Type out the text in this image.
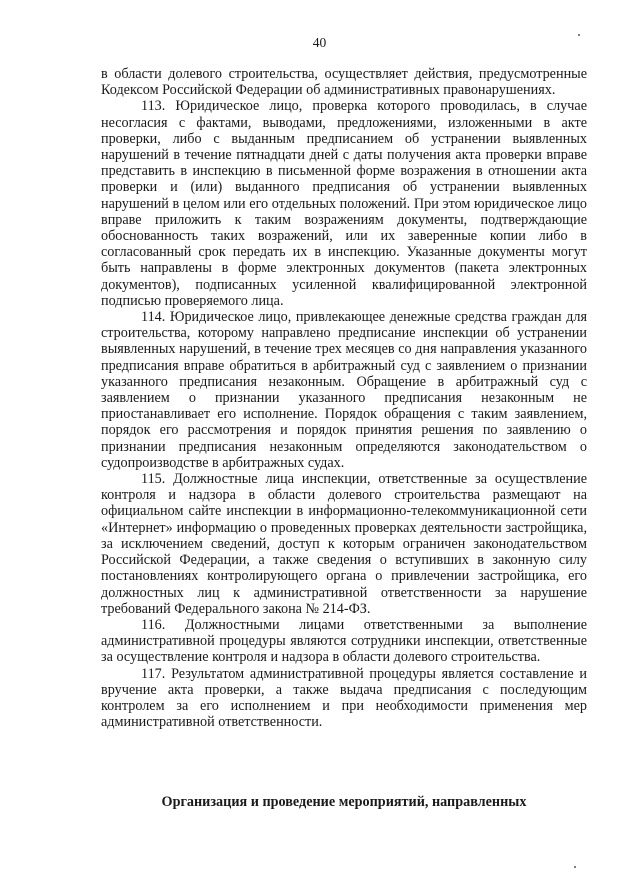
40

в области долевого строительства, осуществляет действия, предусмотренные Кодексом Российской Федерации об административных правонарушениях.

113. Юридическое лицо, проверка которого проводилась, в случае несогласия с фактами, выводами, предложениями, изложенными в акте проверки, либо с выданным предписанием об устранении выявленных нарушений в течение пятнадцати дней с даты получения акта проверки вправе представить в инспекцию в письменной форме возражения в отношении акта проверки и (или) выданного предписания об устранении выявленных нарушений в целом или его отдельных положений. При этом юридическое лицо вправе приложить к таким возражениям документы, подтверждающие обоснованность таких возражений, или их заверенные копии либо в согласованный срок передать их в инспекцию. Указанные документы могут быть направлены в форме электронных документов (пакета электронных документов), подписанных усиленной квалифицированной электронной подписью проверяемого лица.

114. Юридическое лицо, привлекающее денежные средства граждан для строительства, которому направлено предписание инспекции об устранении выявленных нарушений, в течение трех месяцев со дня направления указанного предписания вправе обратиться в арбитражный суд с заявлением о признании указанного предписания незаконным. Обращение в арбитражный суд с заявлением о признании указанного предписания незаконным не приостанавливает его исполнение. Порядок обращения с таким заявлением, порядок его рассмотрения и порядок принятия решения по заявлению о признании предписания незаконным определяются законодательством о судопроизводстве в арбитражных судах.

115. Должностные лица инспекции, ответственные за осуществление контроля и надзора в области долевого строительства размещают на официальном сайте инспекции в информационно-телекоммуникационной сети «Интернет» информацию о проведенных проверках деятельности застройщика, за исключением сведений, доступ к которым ограничен законодательством Российской Федерации, а также сведения о вступивших в законную силу постановлениях контролирующего органа о привлечении застройщика, его должностных лиц к административной ответственности за нарушение требований Федерального закона № 214-ФЗ.

116. Должностными лицами ответственными за выполнение административной процедуры являются сотрудники инспекции, ответственные за осуществление контроля и надзора в области долевого строительства.

117. Результатом административной процедуры является составление и вручение акта проверки, а также выдача предписания с последующим контролем за его исполнением и при необходимости применения мер административной ответственности.

Организация и проведение мероприятий, направленных
